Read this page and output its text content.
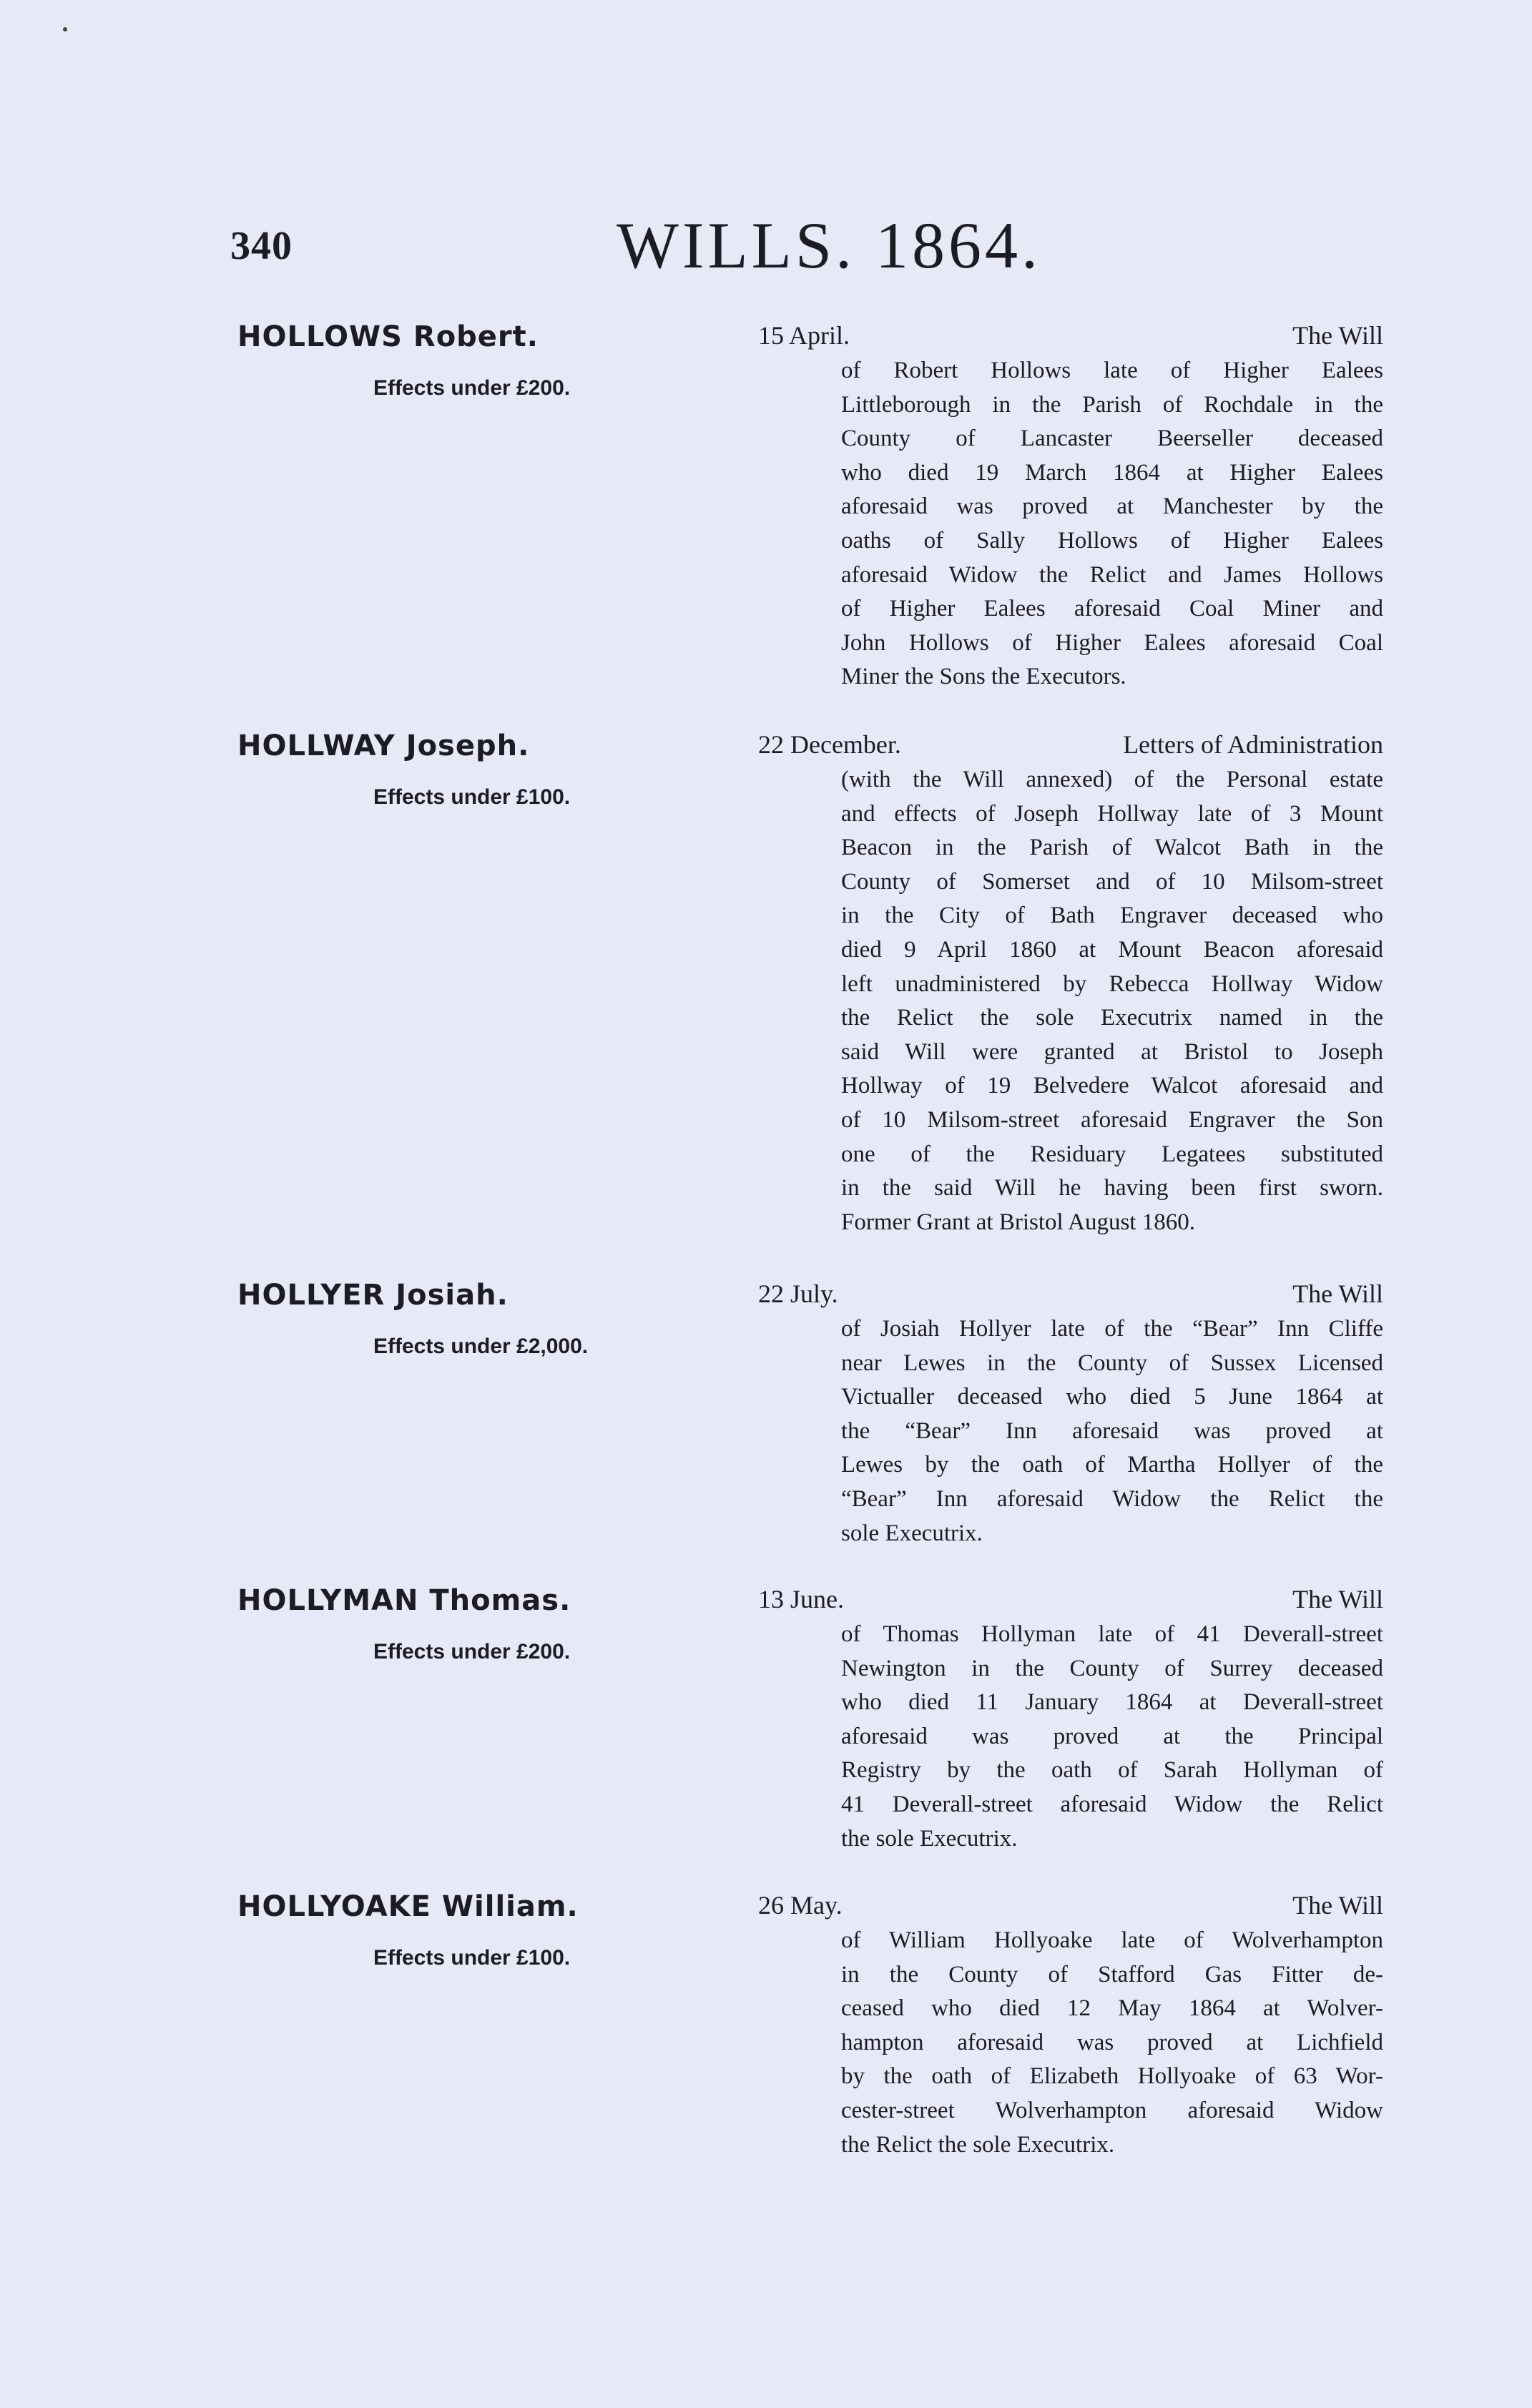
340	WILLS. 1864.
HOLLOWS Robert.
Effects under £200.
15 April.	The Will
of Robert Hollows late of Higher Ealees
Littleborough in the Parish of Rochdale in the
County of Lancaster Beerseller deceased
who died 19 March 1864 at Higher Ealees
aforesaid was proved at Manchester by the
oaths of Sally Hollows of Higher Ealees
aforesaid Widow the Relict and James Hollows
of Higher Ealees aforesaid Coal Miner and
John Hollows of Higher Ealees aforesaid Coal
Miner the Sons the Executors.
HOLLWAY Joseph.
Effects under £100.
22 December.	Letters of Administration
(with the Will annexed) of the Personal estate
and effects of Joseph Hollway late of 3 Mount
Beacon in the Parish of Walcot Bath in the
County of Somerset and of 10 Milsom-street
in the City of Bath Engraver deceased who
died 9 April 1860 at Mount Beacon aforesaid
left unadministered by Rebecca Hollway Widow
the Relict the sole Executrix named in the
said Will were granted at Bristol to Joseph
Hollway of 19 Belvedere Walcot aforesaid and
of 10 Milsom-street aforesaid Engraver the Son
one of the Residuary Legatees substituted
in the said Will he having been first sworn.
Former Grant at Bristol August 1860.
HOLLYER Josiah.
Effects under £2,000.
22 July.	The Will
of Josiah Hollyer late of the “Bear” Inn Cliffe
near Lewes in the County of Sussex Licensed
Victualler deceased who died 5 June 1864 at
the “Bear” Inn aforesaid was proved at
Lewes by the oath of Martha Hollyer of the
“Bear” Inn aforesaid Widow the Relict the
sole Executrix.
HOLLYMAN Thomas.
Effects under £200.
13 June.	The Will
of Thomas Hollyman late of 41 Deverall-street
Newington in the County of Surrey deceased
who died 11 January 1864 at Deverall-street
aforesaid was proved at the Principal
Registry by the oath of Sarah Hollyman of
41 Deverall-street aforesaid Widow the Relict
the sole Executrix.
HOLLYOAKE William.
Effects under £100.
26 May.	The Will
of William Hollyoake late of Wolverhampton
in the County of Stafford Gas Fitter de-
ceased who died 12 May 1864 at Wolver-
hampton aforesaid was proved at Lichfield
by the oath of Elizabeth Hollyoake of 63 Wor-
cester-street Wolverhampton aforesaid Widow
the Relict the sole Executrix.
